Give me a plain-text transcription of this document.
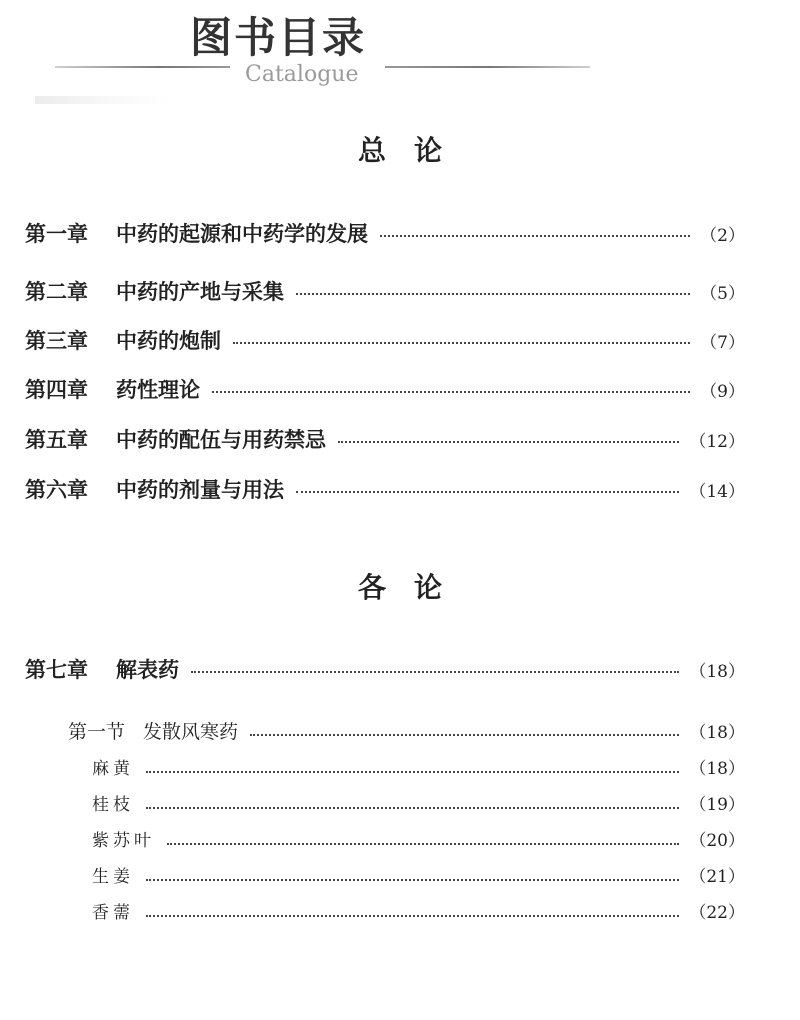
图书目录
Catalogue
总　论
第一章 中药的起源和中药学的发展	（2）
第二章 中药的产地与采集	（5）
第三章 中药的炮制	（7）
第四章 药性理论	（9）
第五章 中药的配伍与用药禁忌	（12）
第六章 中药的剂量与用法	（14）
各　论
第七章 解表药	（18）
第一节 发散风寒药	（18）
麻黄	（18）
桂枝	（19）
紫苏叶	（20）
生姜	（21）
香薷	（22）
